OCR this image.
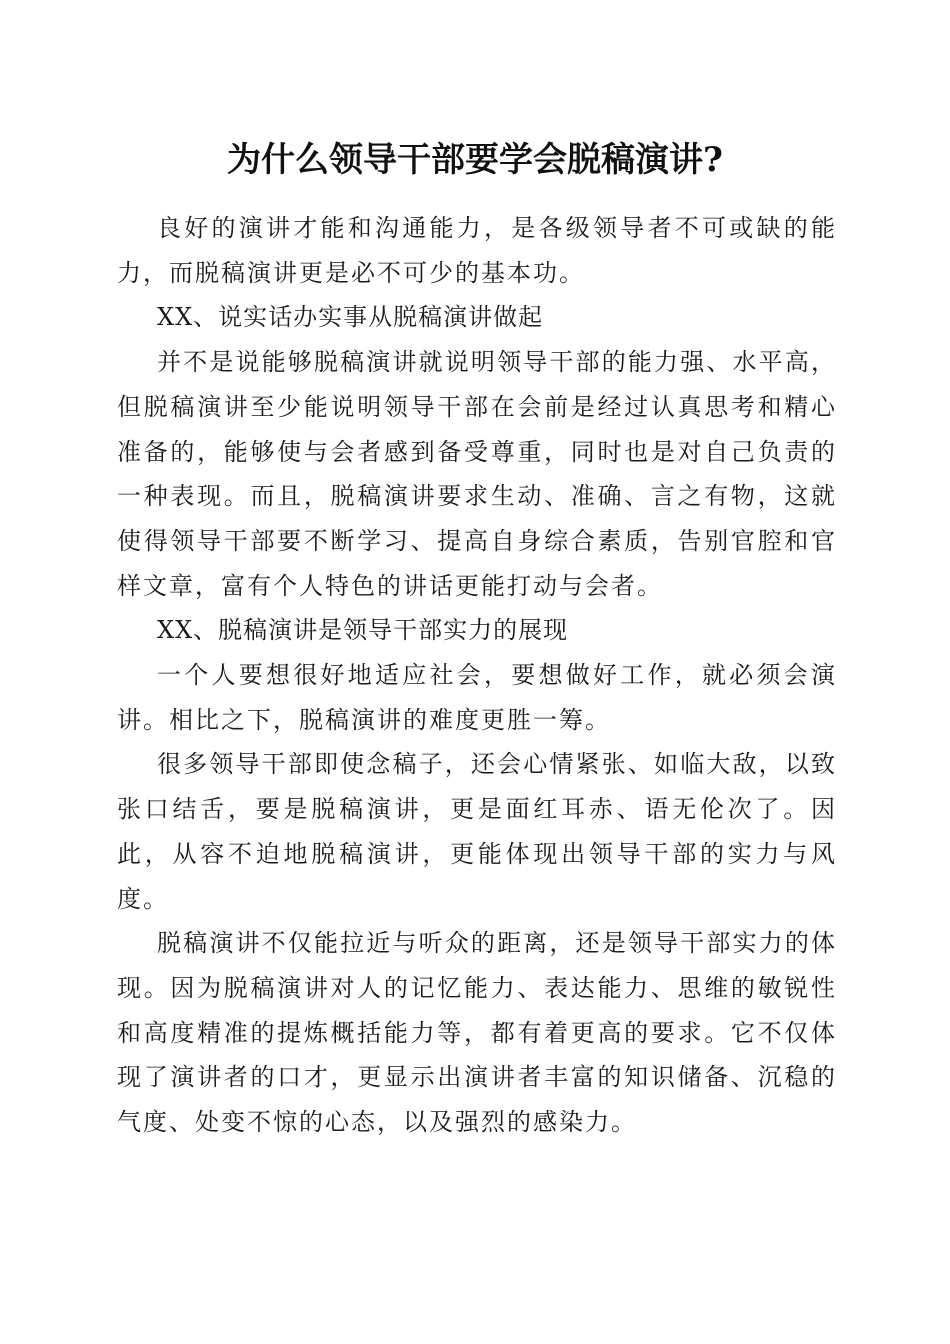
为什么领导干部要学会脱稿演讲?

良好的演讲才能和沟通能力，是各级领导者不可或缺的能力，而脱稿演讲更是必不可少的基本功。

XX、说实话办实事从脱稿演讲做起

并不是说能够脱稿演讲就说明领导干部的能力强、水平高，但脱稿演讲至少能说明领导干部在会前是经过认真思考和精心准备的，能够使与会者感到备受尊重，同时也是对自己负责的一种表现。而且，脱稿演讲要求生动、准确、言之有物，这就使得领导干部要不断学习、提高自身综合素质，告别官腔和官样文章，富有个人特色的讲话更能打动与会者。

XX、脱稿演讲是领导干部实力的展现

一个人要想很好地适应社会，要想做好工作，就必须会演讲。相比之下，脱稿演讲的难度更胜一筹。

很多领导干部即使念稿子，还会心情紧张、如临大敌，以致张口结舌，要是脱稿演讲，更是面红耳赤、语无伦次了。因此，从容不迫地脱稿演讲，更能体现出领导干部的实力与风度。

脱稿演讲不仅能拉近与听众的距离，还是领导干部实力的体现。因为脱稿演讲对人的记忆能力、表达能力、思维的敏锐性和高度精准的提炼概括能力等，都有着更高的要求。它不仅体现了演讲者的口才，更显示出演讲者丰富的知识储备、沉稳的气度、处变不惊的心态，以及强烈的感染力。
